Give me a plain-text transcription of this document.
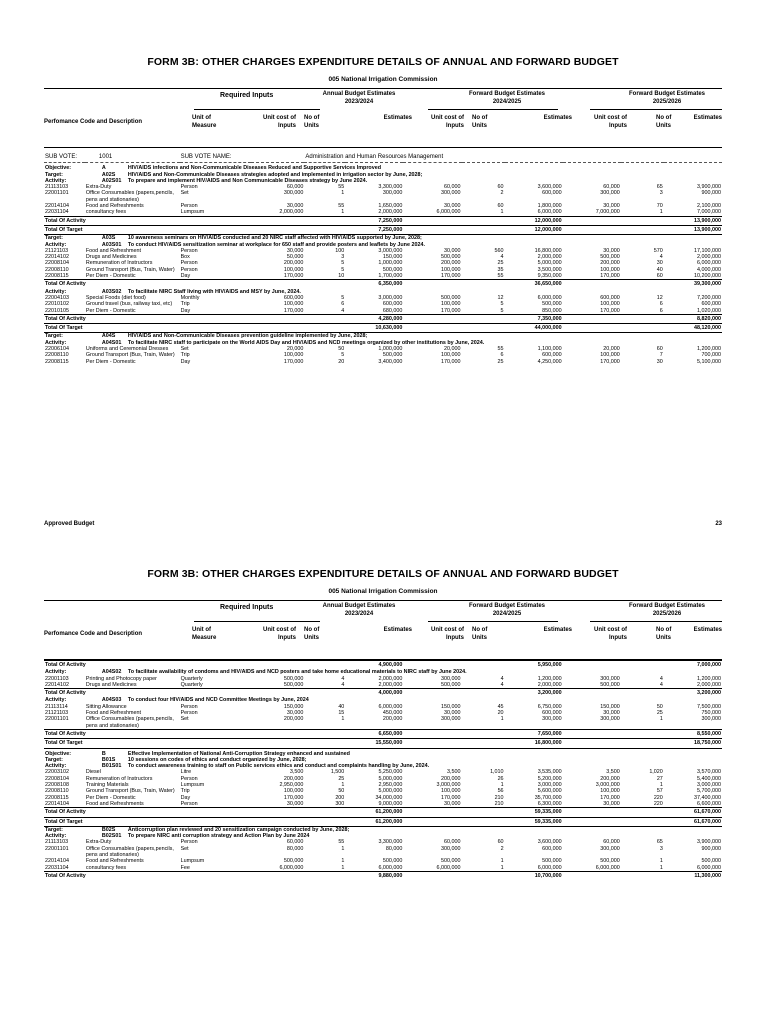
FORM 3B: OTHER CHARGES EXPENDITURE DETAILS OF ANNUAL AND FORWARD BUDGET
005 National Irrigation Commission
Required Inputs	Annual Budget Estimates
2023/2024
Forward Budget Estimates
2024/2025
Forward Budget Estimates
2025/2026
Perfomance Code and Description
Unit of
Measure
Unit cost of
Inputs
No of
Units
Estimates	Unit cost of
Inputs
No of
Units
Estimates	Unit cost of
Inputs
No of
Units
Estimates
SUB VOTE:	1001	SUB VOTE NAME:		Administration and Human Resources Management							
Objective:	A HIV/AIDS infections and Non-Communicable Diseases Reduced and Supportive Services Improved										
Target:	A02S HIV/AIDS and Non-Communicable Diseases strategies adopted and implemented in irrigation sector by June, 2028;										
Activity:	A02S01 To prepare and implement HIV/AIDS and Non Communicable Diseases strategy by June 2024.										
21113103	Extra-Duty	Person	60,000	55	3,300,000	60,000	60	3,600,000	60,000	65	3,900,000
22001101	Office Consumables (papers,pencils, pens and stationaries)	Set	300,000	1	300,000	300,000	2	600,000	300,000	3	900,000
22014104	Food and Refreshments	Person	30,000	55	1,650,000	30,000	60	1,800,000	30,000	70	2,100,000
22031104	consultancy fees	Lumpsum	2,000,000	1	2,000,000	6,000,000	1	6,000,000	7,000,000	1	7,000,000
Total Of Activity					7,250,000			12,000,000			13,900,000
Total Of Target					7,250,000			12,000,000			13,900,000
Target:	A03S 10 awareness seminars on HIV/AIDS conducted and 20 NIRC staff affected with HIV/AIDS supported by June, 2028;										
Activity:	A03S01 To conduct HIV/AIDS sensitization seminar at workplace for 650 staff and provide posters and leaflets by June 2024.										
21121103	Food and Refreshment	Person	30,000	100	3,000,000	30,000	560	16,800,000	30,000	570	17,100,000
22014102	Drugs and Medicines	Box	50,000	3	150,000	500,000	4	2,000,000	500,000	4	2,000,000
22008104	Remuneration of Instructors	Person	200,000	5	1,000,000	200,000	25	5,000,000	200,000	30	6,000,000
22008110	Ground Transport (Bus, Train, Water)	Person	100,000	5	500,000	100,000	35	3,500,000	100,000	40	4,000,000
22008115	Per Diem - Domestic	Day	170,000	10	1,700,000	170,000	55	9,350,000	170,000	60	10,200,000
Total Of Activity					6,350,000			36,650,000			39,300,000
Activity:	A03S02 To facilitate NIRC Staff living with HIV/AIDS and MSY by June, 2024.										
22004103	Special Foods (diet food)	Monthly	600,000	5	3,000,000	500,000	12	6,000,000	600,000	12	7,200,000
22010102	Ground travel (bus, railway taxi, etc)	Trip	100,000	6	600,000	100,000	5	500,000	100,000	6	600,000
22010105	Per Diem - Domestic	Day	170,000	4	680,000	170,000	5	850,000	170,000	6	1,020,000
Total Of Activity					4,280,000			7,350,000			8,820,000
Total Of Target					10,630,000			44,000,000			48,120,000
Target:	A04S HIV/AIDS and Non-Communicable Diseases prevention guideline implemented by June, 2028;										
Activity:	A04S01 To facilitate NIRC staff to participate on the World AIDS Day and HIV/AIDS and NCD meetings organized by other institutions by June, 2024.										
22006104	Uniforms and Ceremonial Dresses	Set	20,000	50	1,000,000	20,000	55	1,100,000	20,000	60	1,200,000
22008110	Ground Transport (Bus, Train, Water)	Trip	100,000	5	500,000	100,000	6	600,000	100,000	7	700,000
22008115	Per Diem - Domestic	Day	170,000	20	3,400,000	170,000	25	4,250,000	170,000	30	5,100,000
FORM 3B: OTHER CHARGES EXPENDITURE DETAILS OF ANNUAL AND FORWARD BUDGET
005 National Irrigation Commission
Required Inputs	Annual Budget Estimates
2023/2024
Forward Budget Estimates
2024/2025
Forward Budget Estimates
2025/2026
Perfomance Code and Description
Unit of
Measure
Unit cost of
Inputs
No of
Units
Estimates	Unit cost of
Inputs
No of
Units
Estimates	Unit cost of
Inputs
No of
Units
Estimates
Total Of Activity					4,900,000			5,950,000			7,000,000
Activity:	A04S02 To facilitate availability of condoms and HIV/AIDS and NCD posters and take home educational materials to NIRC staff by June 2024.										
22001103	Printing and Photocopy paper	Quarterly	500,000	4	2,000,000	300,000	4	1,200,000	300,000	4	1,200,000
22014102	Drugs and Medicines	Quarterly	500,000	4	2,000,000	500,000	4	2,000,000	500,000	4	2,000,000
Total Of Activity					4,000,000			3,200,000			3,200,000
Activity:	A04S03 To conduct four HIV/AIDS and NCD Committee Meetings by June, 2024										
21113114	Sitting Allowance	Person	150,000	40	6,000,000	150,000	45	6,750,000	150,000	50	7,500,000
21121103	Food and Refreshment	Person	30,000	15	450,000	30,000	20	600,000	30,000	25	750,000
22001101	Office Consumables (papers,pencils, pens and stationaries)	Set	200,000	1	200,000	300,000	1	300,000	300,000	1	300,000
Total Of Activity					6,650,000			7,650,000			8,550,000
Total Of Target					15,550,000			16,800,000			18,750,000
Objective:	B Effective Implementation of National Anti-Corruption Strategy enhanced and sustained										
Target:	B01S 10 sessions on codes of ethics and conduct organized by June, 2028;										
Activity:	B01S01 To conduct awareness training to staff on Public services ethics and conduct and complaints handling by June, 2024.										
22003102	Diesel	Litre	3,500	1,500	5,250,000	3,500	1,010	3,535,000	3,500	1,020	3,570,000
22008104	Remuneration of Instructors	Person	200,000	25	5,000,000	200,000	26	5,200,000	200,000	27	5,400,000
22008108	Training Materials	Lumpsum	2,950,000	1	2,950,000	3,000,000	1	3,000,000	3,000,000	1	3,000,000
22008110	Ground Transport (Bus, Train, Water)	Trip	100,000	50	5,000,000	100,000	56	5,600,000	100,000	57	5,700,000
22008115	Per Diem - Domestic	Day	170,000	200	34,000,000	170,000	210	35,700,000	170,000	220	37,400,000
22014104	Food and Refreshments	Person	30,000	300	9,000,000	30,000	210	6,300,000	30,000	220	6,600,000
Total Of Activity					61,200,000			59,335,000			61,670,000
Total Of Target					61,200,000			59,335,000			61,670,000
Target:	B02S Anticorruption plan reviewed and 20 sensitization campaign conducted by June, 2028;										
Activity:	B02S01 To prepare NIRC anti corruption strategy and Action Plan by June 2024										
21113103	Extra-Duty	Person	60,000	55	3,300,000	60,000	60	3,600,000	60,000	65	3,900,000
22001101	Office Consumables (papers,pencils, pens and stationaries)	Set	80,000	1	80,000	300,000	2	600,000	300,000	3	900,000
22014104	Food and Refreshments	Lumpsum	500,000	1	500,000	500,000	1	500,000	500,000	1	500,000
22031104	consultancy fees	Fee	6,000,000	1	6,000,000	6,000,000	1	6,000,000	6,000,000	1	6,000,000
Total Of Activity					9,880,000			10,700,000			11,300,000
Approved Budget	23
